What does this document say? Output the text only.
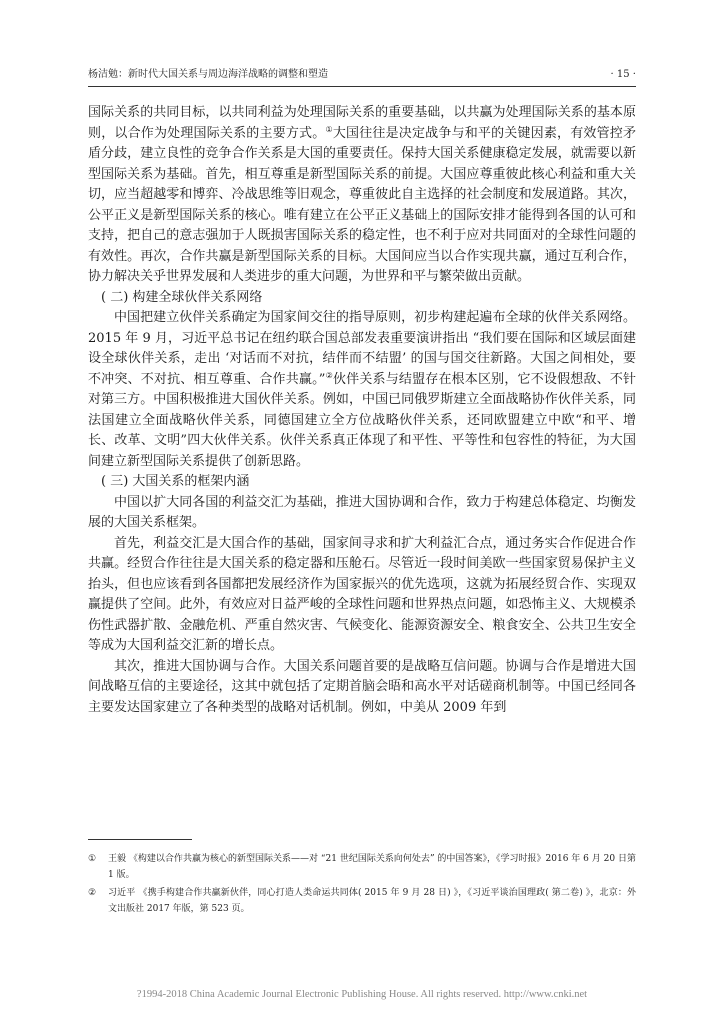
杨洁勉：新时代大国关系与周边海洋战略的调整和塑造	· 15 ·

国际关系的共同目标，以共同利益为处理国际关系的重要基础，以共赢为处理国际关系的基本原则，以合作为处理国际关系的主要方式。①大国往往是决定战争与和平的关键因素，有效管控矛盾分歧，建立良性的竞争合作关系是大国的重要责任。保持大国关系健康稳定发展，就需要以新型国际关系为基础。首先，相互尊重是新型国际关系的前提。大国应尊重彼此核心利益和重大关切，应当超越零和博弈、冷战思维等旧观念，尊重彼此自主选择的社会制度和发展道路。其次，公平正义是新型国际关系的核心。唯有建立在公平正义基础上的国际安排才能得到各国的认可和支持，把自己的意志强加于人既损害国际关系的稳定性，也不利于应对共同面对的全球性问题的有效性。再次，合作共赢是新型国际关系的目标。大国间应当以合作实现共赢，通过互利合作，协力解决关乎世界发展和人类进步的重大问题，为世界和平与繁荣做出贡献。

( 二) 构建全球伙伴关系网络

中国把建立伙伴关系确定为国家间交往的指导原则，初步构建起遍布全球的伙伴关系网络。2015 年 9 月，习近平总书记在纽约联合国总部发表重要演讲指出 “我们要在国际和区域层面建设全球伙伴关系，走出 ‘对话而不对抗，结伴而不结盟’ 的国与国交往新路。大国之间相处，要不冲突、不对抗、相互尊重、合作共赢。”②伙伴关系与结盟存在根本区别，它不设假想敌、不针对第三方。中国积极推进大国伙伴关系。例如，中国已同俄罗斯建立全面战略协作伙伴关系，同法国建立全面战略伙伴关系，同德国建立全方位战略伙伴关系，还同欧盟建立中欧“和平、增长、改革、文明”四大伙伴关系。伙伴关系真正体现了和平性、平等性和包容性的特征，为大国间建立新型国际关系提供了创新思路。

( 三) 大国关系的框架内涵

中国以扩大同各国的利益交汇为基础，推进大国协调和合作，致力于构建总体稳定、均衡发展的大国关系框架。

首先，利益交汇是大国合作的基础，国家间寻求和扩大利益汇合点，通过务实合作促进合作共赢。经贸合作往往是大国关系的稳定器和压舱石。尽管近一段时间美欧一些国家贸易保护主义抬头，但也应该看到各国都把发展经济作为国家振兴的优先选项，这就为拓展经贸合作、实现双赢提供了空间。此外，有效应对日益严峻的全球性问题和世界热点问题，如恐怖主义、大规模杀伤性武器扩散、金融危机、严重自然灾害、气候变化、能源资源安全、粮食安全、公共卫生安全等成为大国利益交汇新的增长点。

其次，推进大国协调与合作。大国关系问题首要的是战略互信问题。协调与合作是增进大国间战略互信的主要途径，这其中就包括了定期首脑会晤和高水平对话磋商机制等。中国已经同各主要发达国家建立了各种类型的战略对话机制。例如，中美从 2009 年到

① 王毅 《构建以合作共赢为核心的新型国际关系——对 “21 世纪国际关系向何处去” 的中国答案》，《学习时报》2016 年 6 月 20 日第 1 版。
② 习近平 《携手构建合作共赢新伙伴，同心打造人类命运共同体( 2015 年 9 月 28 日) 》，《习近平谈治国理政( 第二卷) 》，北京：外文出版社 2017 年版，第 523 页。
?1994-2018 China Academic Journal Electronic Publishing House. All rights reserved. http://www.cnki.net
